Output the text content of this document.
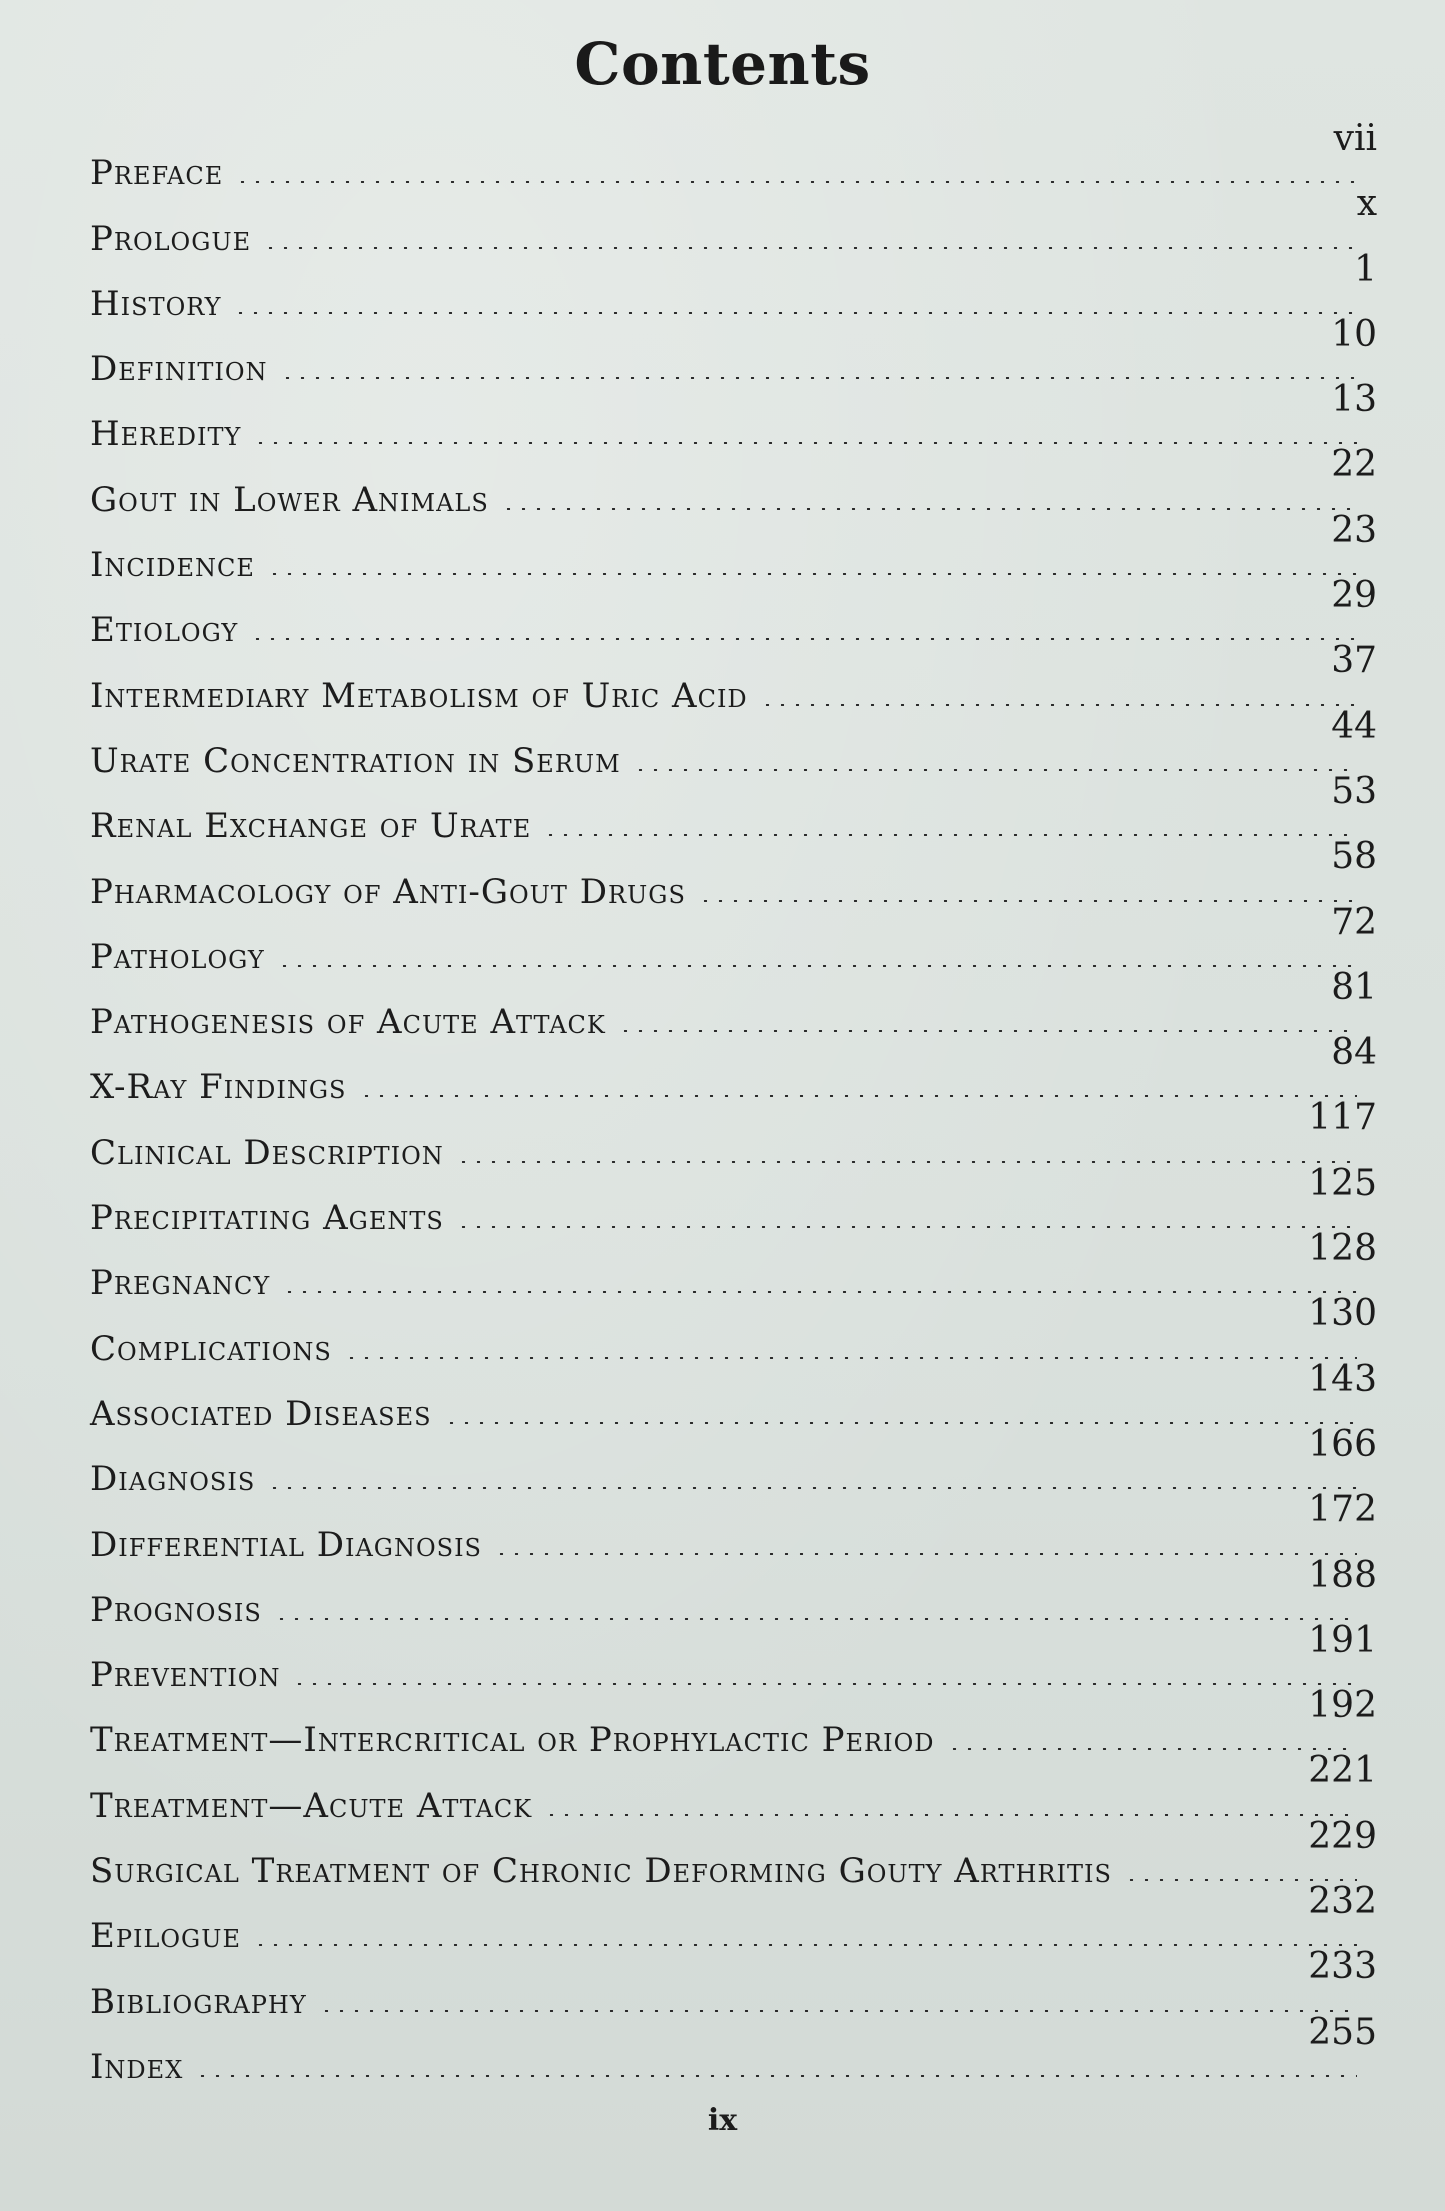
Contents
Preface
vii
Prologue
x
History
1
Definition
10
Heredity
13
Gout in Lower Animals
22
Incidence
23
Etiology
29
Intermediary Metabolism of Uric Acid
37
Urate Concentration in Serum
44
Renal Exchange of Urate
53
Pharmacology of Anti-Gout Drugs
58
Pathology
72
Pathogenesis of Acute Attack
81
X-Ray Findings
84
Clinical Description
117
Precipitating Agents
125
Pregnancy
128
Complications
130
Associated Diseases
143
Diagnosis
166
Differential Diagnosis
172
Prognosis
188
Prevention
191
Treatment—Intercritical or Prophylactic Period
192
Treatment—Acute Attack
221
Surgical Treatment of Chronic Deforming Gouty Arthritis
229
Epilogue
232
Bibliography
233
Index
255
ix
